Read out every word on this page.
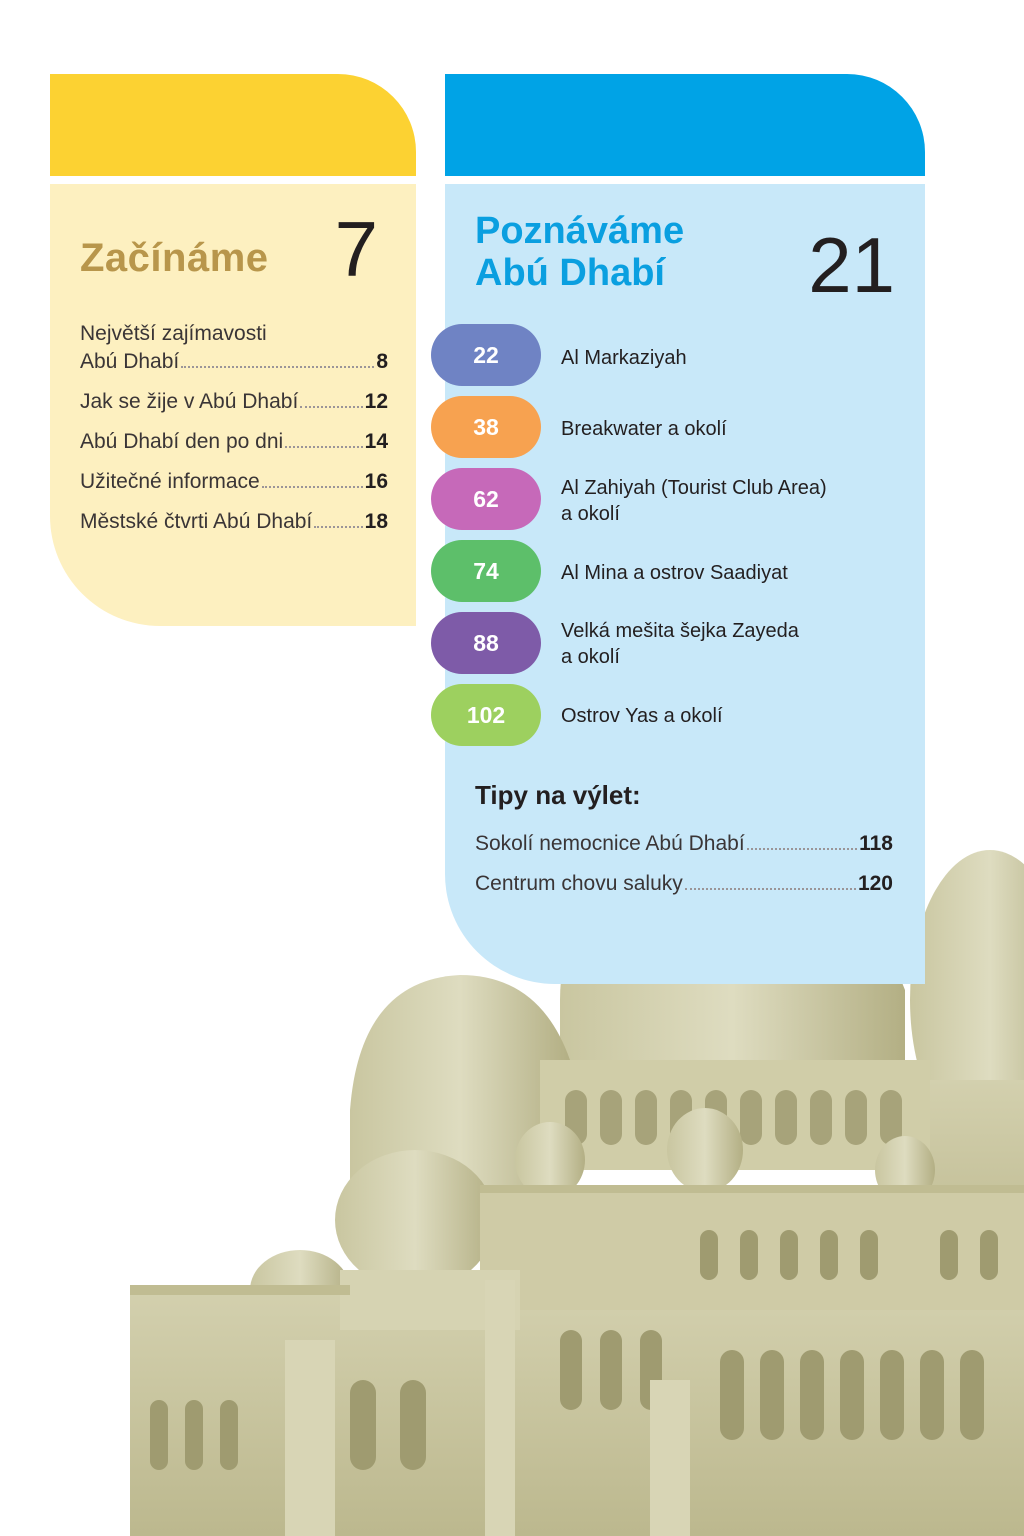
Začínáme 7
Největší zajímavosti
Abú Dhabí	8
Jak se žije v Abú Dhabí	12
Abú Dhabí den po dni	14
Užitečné informace	16
Městské čtvrti Abú Dhabí 18
Poznáváme
Abú Dhabí 21
22	Al Markaziyah
38	Breakwater a okolí
62	Al Zahiyah (Tourist Club Area)
a okolí
74	Al Mina a ostrov Saadiyat
88	Velká mešita šejka Zayeda
a okolí
102	Ostrov Yas a okolí
Tipy na výlet:
Sokolí nemocnice Abú Dhabí	118
Centrum chovu saluky	120
